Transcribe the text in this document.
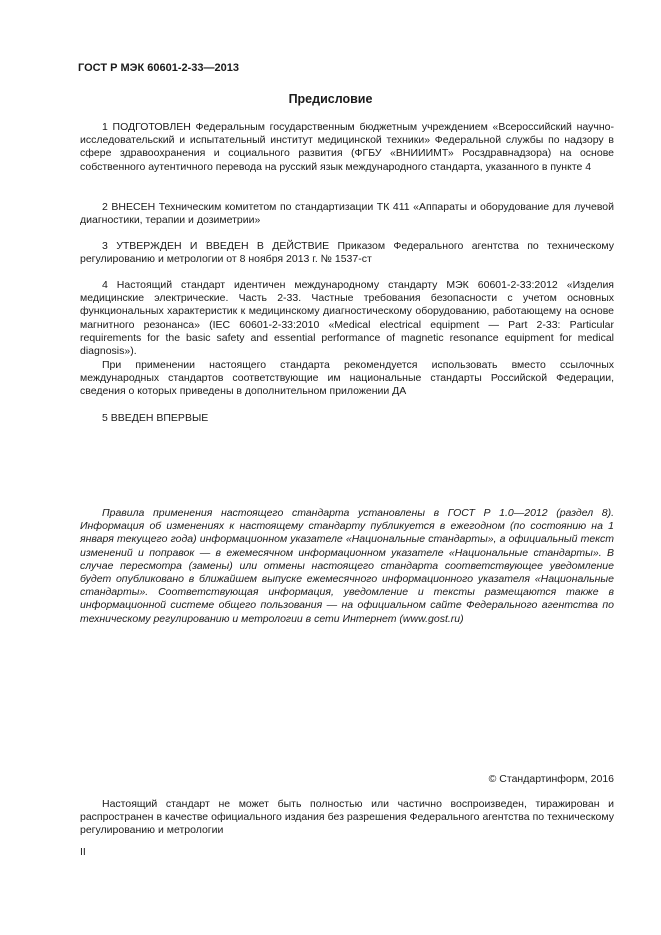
ГОСТ Р МЭК 60601-2-33—2013
Предисловие

1 ПОДГОТОВЛЕН Федеральным государственным бюджетным учреждением «Всероссийский научно-исследовательский и испытательный институт медицинской техники» Федеральной службы по надзору в сфере здравоохранения и социального развития (ФГБУ «ВНИИИМТ» Росздравнадзора) на основе собственного аутентичного перевода на русский язык международного стандарта, указанного в пункте 4

2 ВНЕСЕН Техническим комитетом по стандартизации ТК 411 «Аппараты и оборудование для лучевой диагностики, терапии и дозиметрии»

3 УТВЕРЖДЕН И ВВЕДЕН В ДЕЙСТВИЕ Приказом Федерального агентства по техническому регулированию и метрологии от 8 ноября 2013 г. № 1537-ст

4 Настоящий стандарт идентичен международному стандарту МЭК 60601-2-33:2012 «Изделия медицинские электрические. Часть 2-33. Частные требования безопасности с учетом основных функциональных характеристик к медицинскому диагностическому оборудованию, работающему на основе магнитного резонанса» (IEC 60601-2-33:2010 «Medical electrical equipment — Part 2-33: Particular requirements for the basic safety and essential performance of magnetic resonance equipment for medical diagnosis»).

При применении настоящего стандарта рекомендуется использовать вместо ссылочных международных стандартов соответствующие им национальные стандарты Российской Федерации, сведения о которых приведены в дополнительном приложении ДА

5 ВВЕДЕН ВПЕРВЫЕ

Правила применения настоящего стандарта установлены в ГОСТ Р 1.0—2012 (раздел 8). Информация об изменениях к настоящему стандарту публикуется в ежегодном (по состоянию на 1 января текущего года) информационном указателе «Национальные стандарты», а официальный текст изменений и поправок — в ежемесячном информационном указателе «Национальные стандарты». В случае пересмотра (замены) или отмены настоящего стандарта соответствующее уведомление будет опубликовано в ближайшем выпуске ежемесячного информационного указателя «Национальные стандарты». Соответствующая информация, уведомление и тексты размещаются также в информационной системе общего пользования — на официальном сайте Федерального агентства по техническому регулированию и метрологии в сети Интернет (www.gost.ru)

© Стандартинформ, 2016

Настоящий стандарт не может быть полностью или частично воспроизведен, тиражирован и распространен в качестве официального издания без разрешения Федерального агентства по техническому регулированию и метрологии

II
